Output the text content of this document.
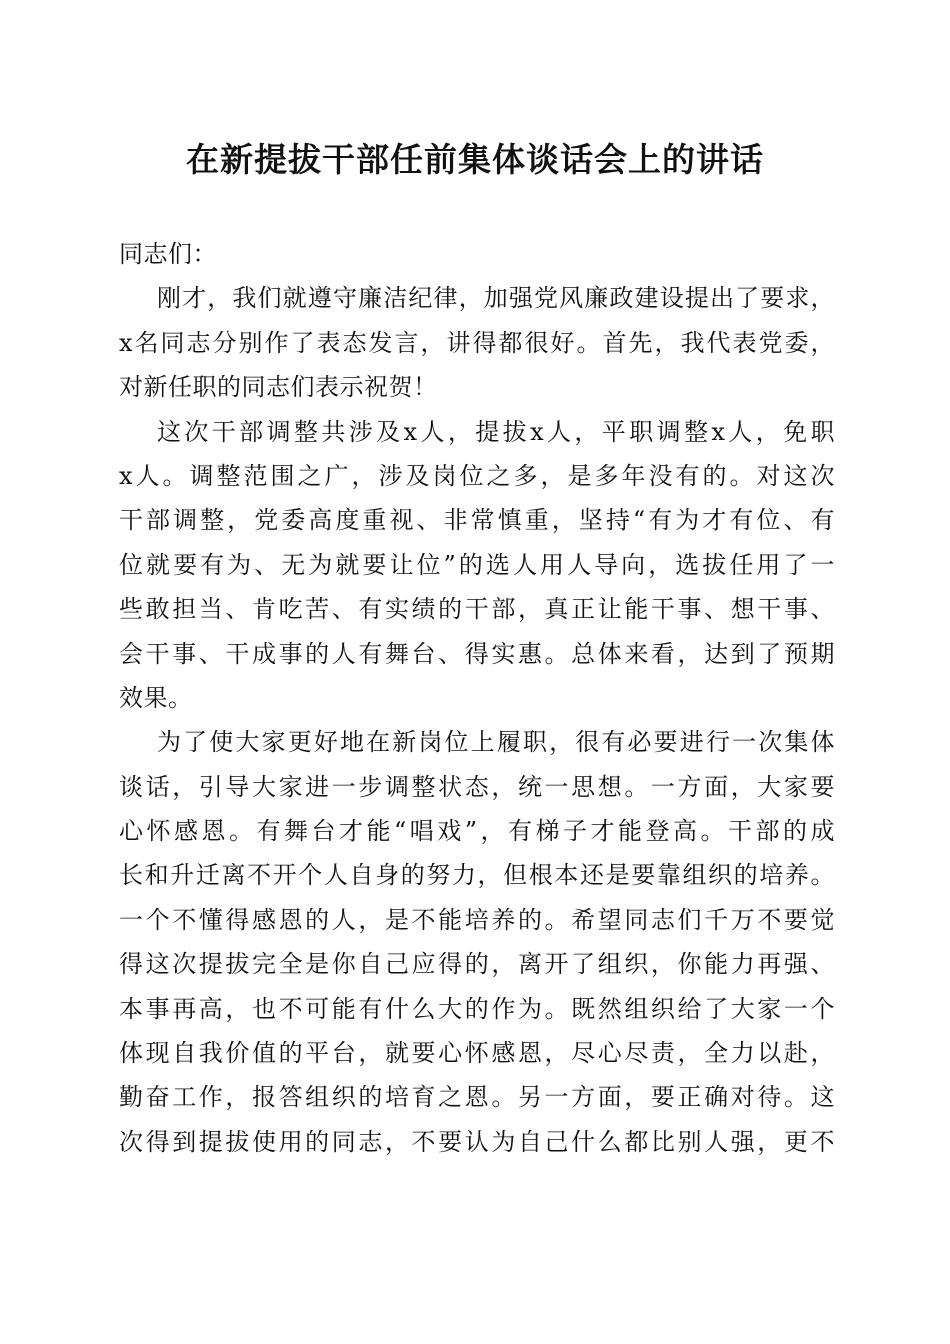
在新提拔干部任前集体谈话会上的讲话
同志们：
刚才，我们就遵守廉洁纪律，加强党风廉政建设提出了要求，
x名同志分别作了表态发言，讲得都很好。首先，我代表党委，
对新任职的同志们表示祝贺！
这次干部调整共涉及x人，提拔x人，平职调整x人，免职
x人。调整范围之广，涉及岗位之多，是多年没有的。对这次
干部调整，党委高度重视、非常慎重，坚持“有为才有位、有
位就要有为、无为就要让位”的选人用人导向，选拔任用了一
些敢担当、肯吃苦、有实绩的干部，真正让能干事、想干事、
会干事、干成事的人有舞台、得实惠。总体来看，达到了预期
效果。
为了使大家更好地在新岗位上履职，很有必要进行一次集体
谈话，引导大家进一步调整状态，统一思想。一方面，大家要
心怀感恩。有舞台才能“唱戏”，有梯子才能登高。干部的成
长和升迁离不开个人自身的努力，但根本还是要靠组织的培养。
一个不懂得感恩的人，是不能培养的。希望同志们千万不要觉
得这次提拔完全是你自己应得的，离开了组织，你能力再强、
本事再高，也不可能有什么大的作为。既然组织给了大家一个
体现自我价值的平台，就要心怀感恩，尽心尽责，全力以赴，
勤奋工作，报答组织的培育之恩。另一方面，要正确对待。这
次得到提拔使用的同志，不要认为自己什么都比别人强，更不
